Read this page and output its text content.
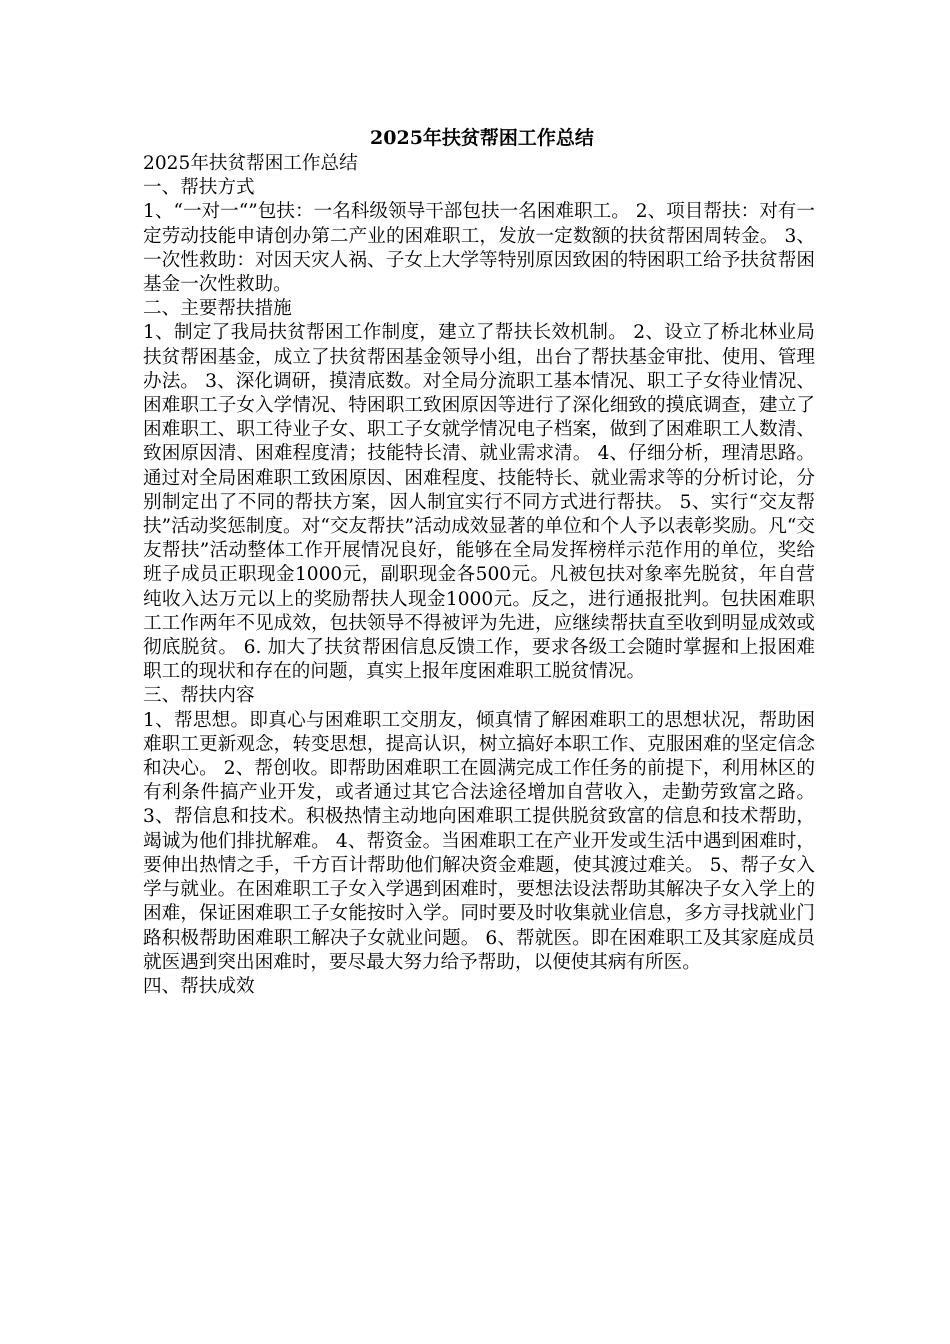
2025年扶贫帮困工作总结

2025年扶贫帮困工作总结

一、帮扶方式

1、“一对一“”包扶：一名科级领导干部包扶一名困难职工。 2、项目帮扶：对有一定劳动技能申请创办第二产业的困难职工，发放一定数额的扶贫帮困周转金。 3、一次性救助：对因天灾人祸、子女上大学等特别原因致困的特困职工给予扶贫帮困基金一次性救助。

二、主要帮扶措施

1、制定了我局扶贫帮困工作制度，建立了帮扶长效机制。 2、设立了桥北林业局扶贫帮困基金，成立了扶贫帮困基金领导小组，出台了帮扶基金审批、使用、管理办法。 3、深化调研，摸清底数。对全局分流职工基本情况、职工子女待业情况、困难职工子女入学情况、特困职工致困原因等进行了深化细致的摸底调查，建立了困难职工、职工待业子女、职工子女就学情况电子档案，做到了困难职工人数清、致困原因清、困难程度清；技能特长清、就业需求清。 4、仔细分析，理清思路。通过对全局困难职工致困原因、困难程度、技能特长、就业需求等的分析讨论，分别制定出了不同的帮扶方案，因人制宜实行不同方式进行帮扶。 5、实行“交友帮扶”活动奖惩制度。对“交友帮扶”活动成效显著的单位和个人予以表彰奖励。凡“交友帮扶”活动整体工作开展情况良好，能够在全局发挥榜样示范作用的单位，奖给班子成员正职现金1000元，副职现金各500元。凡被包扶对象率先脱贫，年自营纯收入达万元以上的奖励帮扶人现金1000元。反之，进行通报批判。包扶困难职工工作两年不见成效，包扶领导不得被评为先进，应继续帮扶直至收到明显成效或彻底脱贫。 6. 加大了扶贫帮困信息反馈工作，要求各级工会随时掌握和上报困难职工的现状和存在的问题，真实上报年度困难职工脱贫情况。

三、帮扶内容

1、帮思想。即真心与困难职工交朋友，倾真情了解困难职工的思想状况，帮助困难职工更新观念，转变思想，提高认识，树立搞好本职工作、克服困难的坚定信念和决心。 2、帮创收。即帮助困难职工在圆满完成工作任务的前提下，利用林区的有利条件搞产业开发，或者通过其它合法途径增加自营收入，走勤劳致富之路。 3、帮信息和技术。积极热情主动地向困难职工提供脱贫致富的信息和技术帮助，竭诚为他们排扰解难。 4、帮资金。当困难职工在产业开发或生活中遇到困难时，要伸出热情之手，千方百计帮助他们解决资金难题，使其渡过难关。 5、帮子女入学与就业。在困难职工子女入学遇到困难时，要想法设法帮助其解决子女入学上的困难，保证困难职工子女能按时入学。同时要及时收集就业信息，多方寻找就业门路积极帮助困难职工解决子女就业问题。 6、帮就医。即在困难职工及其家庭成员就医遇到突出困难时，要尽最大努力给予帮助，以便使其病有所医。

四、帮扶成效
